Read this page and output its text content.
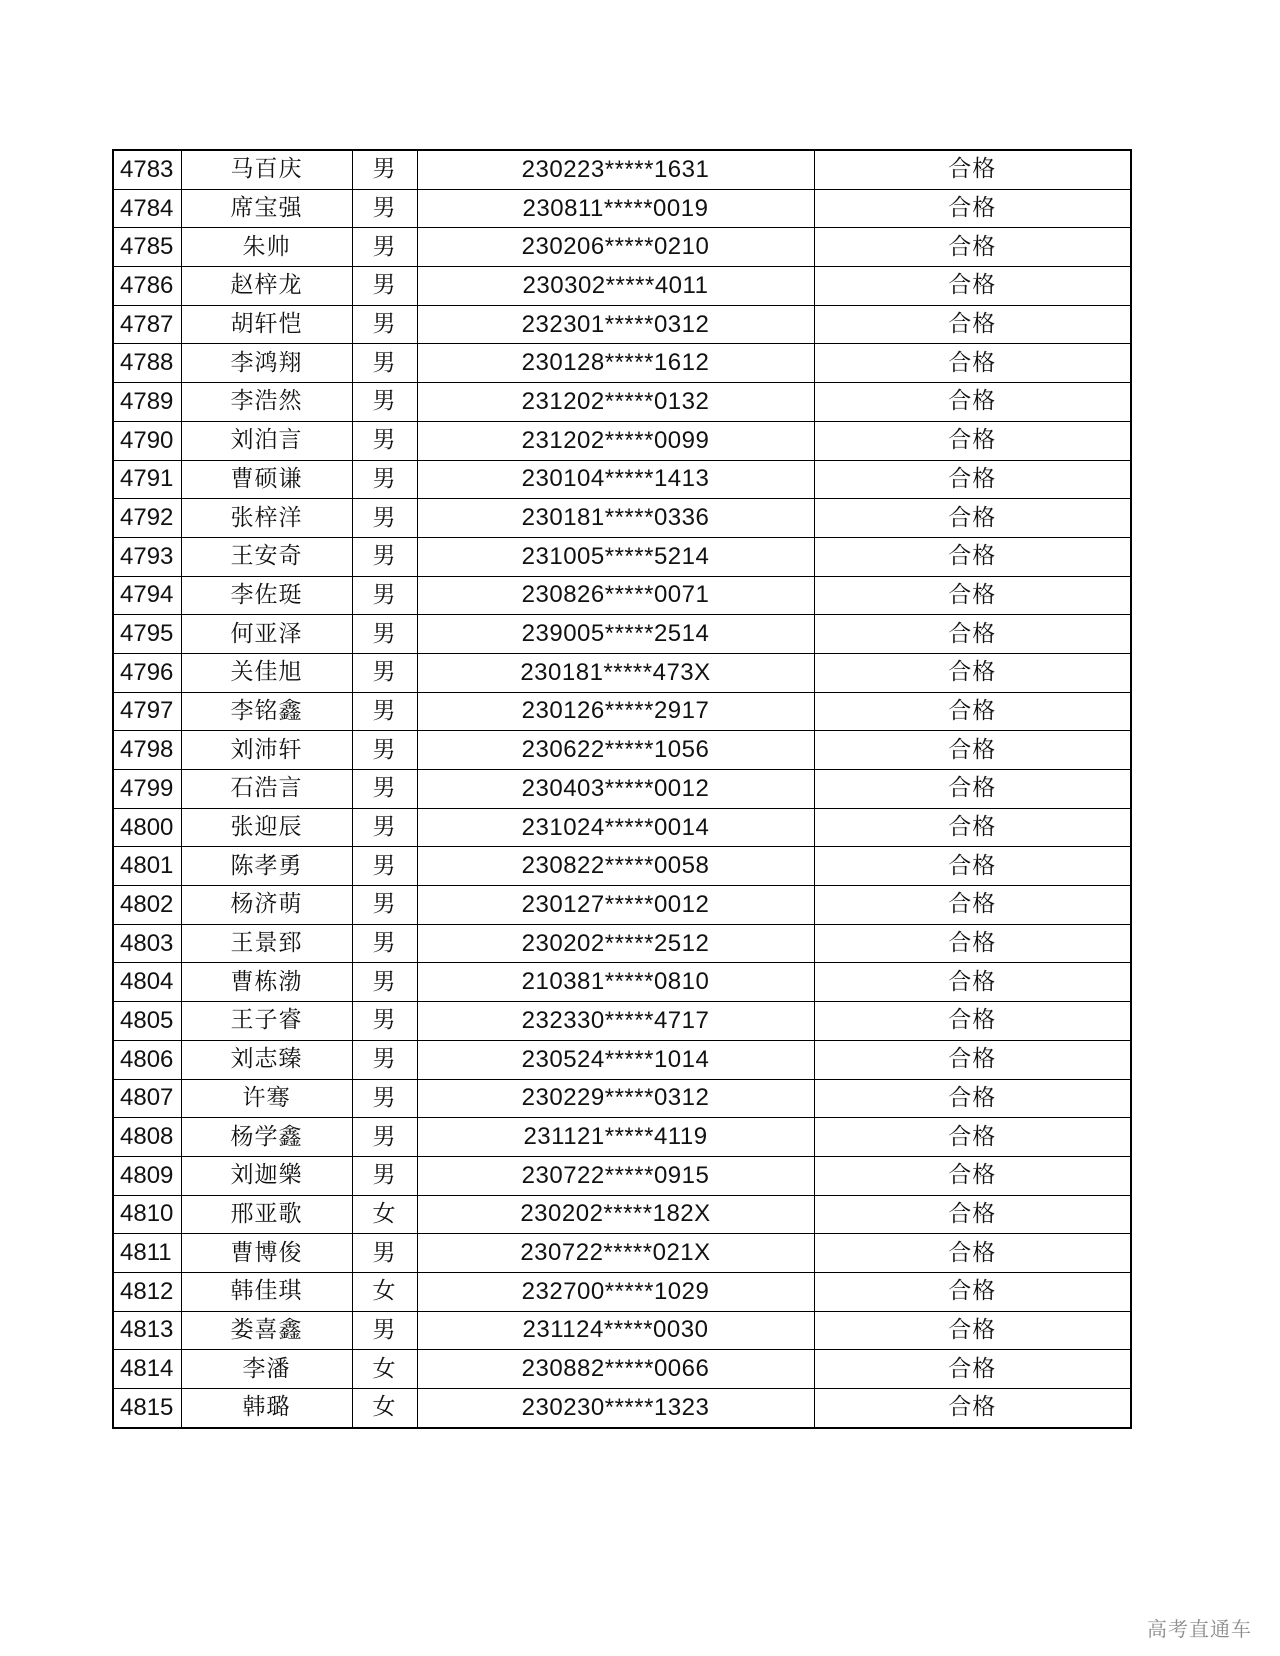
4783	马百庆	男	230223*****1631	合格
4784	席宝强	男	230811*****0019	合格
4785	朱帅	男	230206*****0210	合格
4786	赵梓龙	男	230302*****4011	合格
4787	胡轩恺	男	232301*****0312	合格
4788	李鸿翔	男	230128*****1612	合格
4789	李浩然	男	231202*****0132	合格
4790	刘泊言	男	231202*****0099	合格
4791	曹硕谦	男	230104*****1413	合格
4792	张梓洋	男	230181*****0336	合格
4793	王安奇	男	231005*****5214	合格
4794	李佐珽	男	230826*****0071	合格
4795	何亚泽	男	239005*****2514	合格
4796	关佳旭	男	230181*****473X	合格
4797	李铭鑫	男	230126*****2917	合格
4798	刘沛轩	男	230622*****1056	合格
4799	石浩言	男	230403*****0012	合格
4800	张迎辰	男	231024*****0014	合格
4801	陈孝勇	男	230822*****0058	合格
4802	杨济萌	男	230127*****0012	合格
4803	王景郅	男	230202*****2512	合格
4804	曹栋渤	男	210381*****0810	合格
4805	王子睿	男	232330*****4717	合格
4806	刘志臻	男	230524*****1014	合格
4807	许骞	男	230229*****0312	合格
4808	杨学鑫	男	231121*****4119	合格
4809	刘迦樂	男	230722*****0915	合格
4810	邢亚歌	女	230202*****182X	合格
4811	曹博俊	男	230722*****021X	合格
4812	韩佳琪	女	232700*****1029	合格
4813	娄喜鑫	男	231124*****0030	合格
4814	李潘	女	230882*****0066	合格
4815	韩璐	女	230230*****1323	合格
高考直通车
